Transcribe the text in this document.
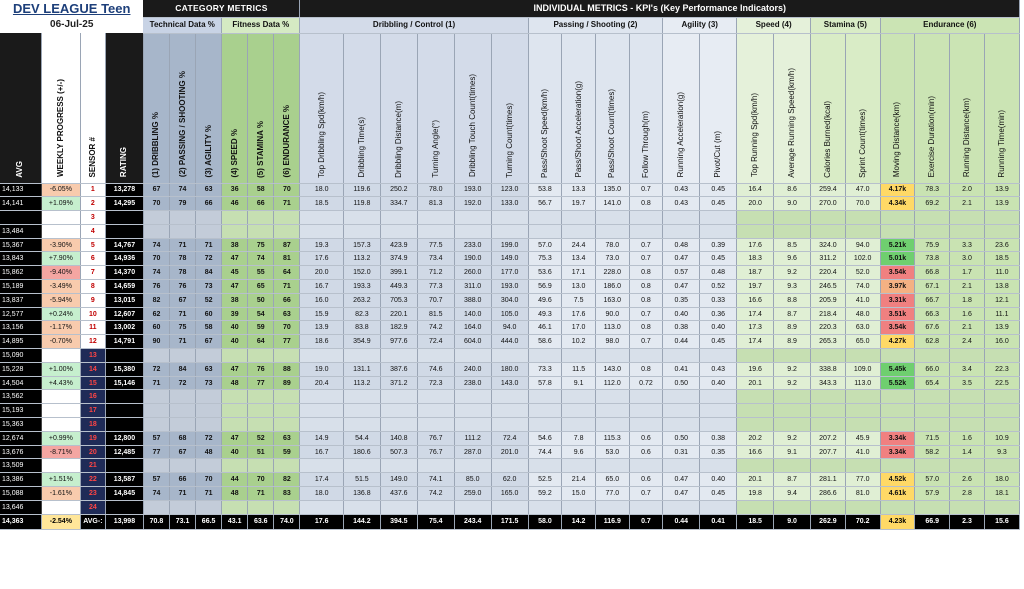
DEV LEAGUE Teen				CATEGORY METRICS						INDIVIDUAL METRICS - KPI's (Key Performance Indicators)																			
06-Jul-25				Technical Data %			Fitness Data %			Dribbling / Control (1)						Passing / Shooting (2)				Agility (3)		Speed (4)		Stamina (5)		Endurance (6)			
AVG	WEEKLY PROGRESS (+/-)	SENSOR #	RATING	(1) DRIBBLING %	(2) PASSING / SHOOTING %	(3) AGILITY %	(4) SPEED %	(5) STAMINA %	(6) ENDURANCE %	Top Dribbling Spd(km/h)	Dribbling Time(s)	Dribbling Distance(m)	Turning Angle(°)	Dribbling Touch Count(times)	Turning Count(times)	Pass/Shoot Speed(km/h)	Pass/Shoot Acceleration(g)	Pass/Shoot Count(times)	Follow Through(m)	Running Acceleration(g)	Pivot/Cut (m)	Top Running Spd(km/h)	Average Running Speed(km/h)	Calories Burned(kcal)	Sprint Count(times)	Moving Distance(km)	Exercise Duration(min)	Running Distance(km)	Running Time(min)
14,133	-6.05%	1	13,278	67	74	63	36	58	70	18.0	119.6	250.2	78.0	193.0	123.0	53.8	13.3	135.0	0.7	0.43	0.45	16.4	8.6	259.4	47.0	4.17k	78.3	2.0	13.9
14,141	+1.09%	2	14,295	70	79	66	46	66	71	18.5	119.8	334.7	81.3	192.0	133.0	56.7	19.7	141.0	0.8	0.43	0.45	20.0	9.0	270.0	70.0	4.34k	69.2	2.1	13.9
		3																											
13,484		4																											
15,367	-3.90%	5	14,767	74	71	71	38	75	87	19.3	157.3	423.9	77.5	233.0	199.0	57.0	24.4	78.0	0.7	0.48	0.39	17.6	8.5	324.0	94.0	5.21k	75.9	3.3	23.6
13,843	+7.90%	6	14,936	70	78	72	47	74	81	17.6	113.2	374.9	73.4	190.0	149.0	75.3	13.4	73.0	0.7	0.47	0.45	18.3	9.6	311.2	102.0	5.01k	73.8	3.0	18.5
15,862	-9.40%	7	14,370	74	78	84	45	55	64	20.0	152.0	399.1	71.2	260.0	177.0	53.6	17.1	228.0	0.8	0.57	0.48	18.7	9.2	220.4	52.0	3.54k	66.8	1.7	11.0
15,189	-3.49%	8	14,659	76	76	73	47	65	71	16.7	193.3	449.3	77.3	311.0	193.0	56.9	13.0	186.0	0.8	0.47	0.52	19.7	9.3	246.5	74.0	3.97k	67.1	2.1	13.8
13,837	-5.94%	9	13,015	82	67	52	38	50	66	16.0	263.2	705.3	70.7	388.0	304.0	49.6	7.5	163.0	0.8	0.35	0.33	16.6	8.8	205.9	41.0	3.31k	66.7	1.8	12.1
12,577	+0.24%	10	12,607	62	71	60	39	54	63	15.9	82.3	220.1	81.5	140.0	105.0	49.3	17.6	90.0	0.7	0.40	0.36	17.4	8.7	218.4	48.0	3.51k	66.3	1.6	11.1
13,156	-1.17%	11	13,002	60	75	58	40	59	70	13.9	83.8	182.9	74.2	164.0	94.0	46.1	17.0	113.0	0.8	0.38	0.40	17.3	8.9	220.3	63.0	3.54k	67.6	2.1	13.9
14,895	-0.70%	12	14,791	90	71	67	40	64	77	18.6	354.9	977.6	72.4	604.0	444.0	58.6	10.2	98.0	0.7	0.44	0.45	17.4	8.9	265.3	65.0	4.27k	62.8	2.4	16.0
15,090		13																											
15,228	+1.00%	14	15,380	72	84	63	47	76	88	19.0	131.1	387.6	74.6	240.0	180.0	73.3	11.5	143.0	0.8	0.41	0.43	19.6	9.2	338.8	109.0	5.45k	66.0	3.4	22.3
14,504	+4.43%	15	15,146	71	72	73	48	77	89	20.4	113.2	371.2	72.3	238.0	143.0	57.8	9.1	112.0	0.72	0.50	0.40	20.1	9.2	343.3	113.0	5.52k	65.4	3.5	22.5
13,562		16																											
15,193		17																											
15,363		18																											
12,674	+0.99%	19	12,800	57	68	72	47	52	63	14.9	54.4	140.8	76.7	111.2	72.4	54.6	7.8	115.3	0.6	0.50	0.38	20.2	9.2	207.2	45.9	3.34k	71.5	1.6	10.9
13,676	-8.71%	20	12,485	77	67	48	40	51	59	16.7	180.6	507.3	76.7	287.0	201.0	74.4	9.6	53.0	0.6	0.31	0.35	16.6	9.1	207.7	41.0	3.34k	58.2	1.4	9.3
13,509		21																											
13,386	+1.51%	22	13,587	57	66	70	44	70	82	17.4	51.5	149.0	74.1	85.0	62.0	52.5	21.4	65.0	0.6	0.47	0.40	20.1	8.7	281.1	77.0	4.52k	57.0	2.6	18.0
15,088	-1.61%	23	14,845	74	71	71	48	71	83	18.0	136.8	437.6	74.2	259.0	165.0	59.2	15.0	77.0	0.7	0.47	0.45	19.8	9.4	286.6	81.0	4.61k	57.9	2.8	18.1
13,646		24																											
14,363	-2.54%	AVG-:	13,998	70.8	73.1	66.5	43.1	63.6	74.0	17.6	144.2	394.5	75.4	243.4	171.5	58.0	14.2	116.9	0.7	0.44	0.41	18.5	9.0	262.9	70.2	4.23k	66.9	2.3	15.6
